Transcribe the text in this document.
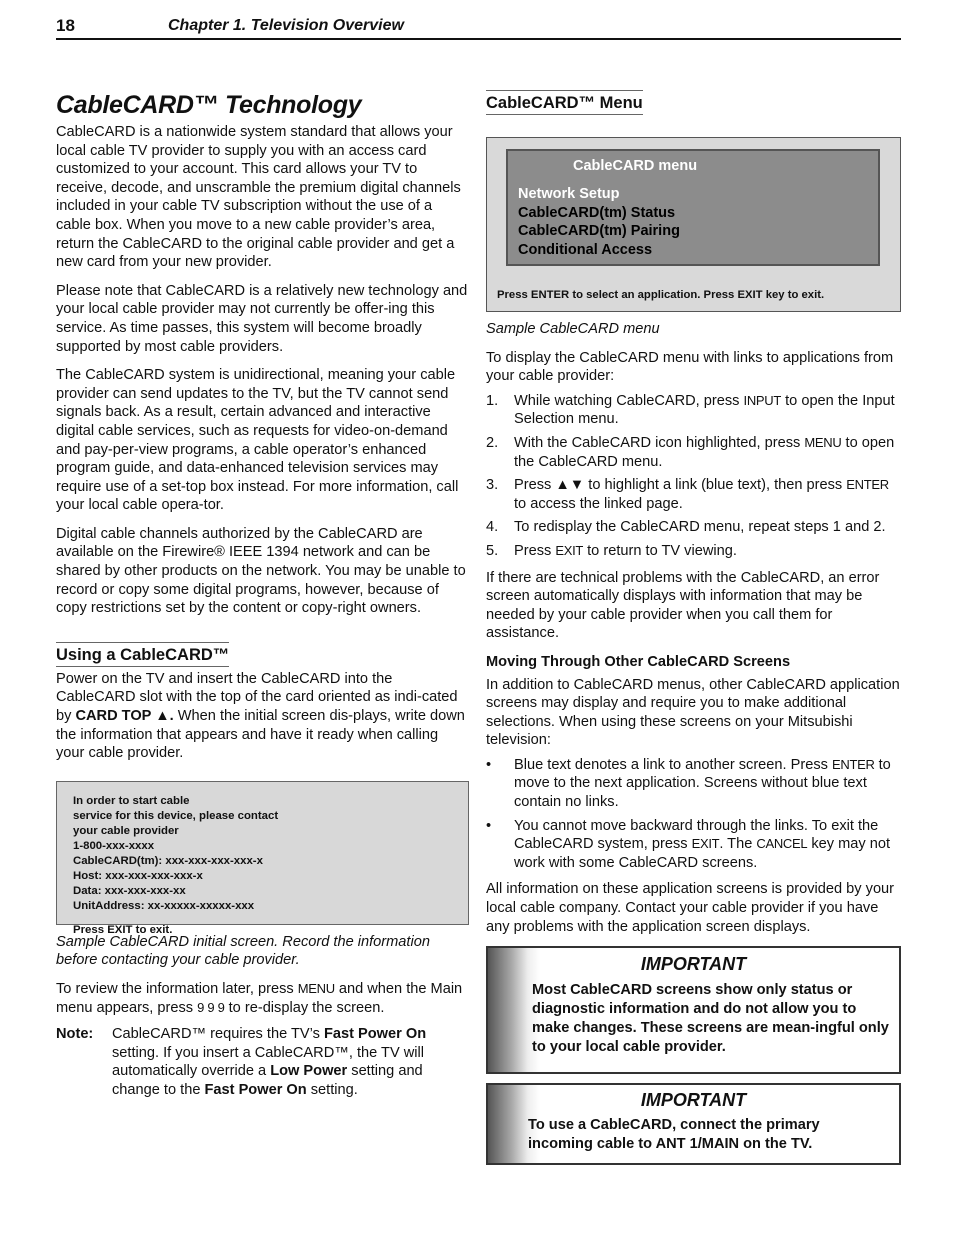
18	Chapter 1. Television Overview
CableCARD™ Technology

CableCARD is a nationwide system standard that allows your local cable TV provider to supply you with an access card customized to your account. This card allows your TV to receive, decode, and unscramble the premium digital channels included in your cable TV subscription without the use of a cable box. When you move to a new cable provider’s area, return the CableCARD to the original cable provider and get a new card from your new provider.

Please note that CableCARD is a relatively new technology and your local cable provider may not currently be offer-ing this service. As time passes, this system will become broadly supported by most cable providers.

The CableCARD system is unidirectional, meaning your cable provider can send updates to the TV, but the TV cannot send signals back. As a result, certain advanced and interactive digital cable services, such as requests for video-on-demand and pay-per-view programs, a cable operator’s enhanced program guide, and data-enhanced television services may require use of a set-top box instead. For more information, call your local cable opera-tor.

Digital cable channels authorized by the CableCARD are available on the Firewire® IEEE 1394 network and can be shared by other products on the network. You may be unable to record or copy some digital programs, however, because of copy restrictions set by the content or copy-right owners.

Using a CableCARD™

Power on the TV and insert the CableCARD into the CableCARD slot with the top of the card oriented as indi-cated by CARD TOP ▲. When the initial screen dis-plays, write down the information that appears and have it ready when calling your cable provider.

In order to start cable
service for this device, please contact
your cable provider
1-800-xxx-xxxx
CableCARD(tm): xxx-xxx-xxx-xxx-x
Host: xxx-xxx-xxx-xxx-x
Data: xxx-xxx-xxx-xx
UnitAddress: xx-xxxxx-xxxxx-xxx
Press EXIT to exit.

Sample CableCARD initial screen. Record the information before contacting your cable provider.

To review the information later, press MENU and when the Main menu appears, press 9 9 9 to re-display the screen.

Note:	CableCARD™ requires the TV’s Fast Power On setting. If you insert a CableCARD™, the TV will automatically override a Low Power setting and change to the Fast Power On setting.
CableCARD™ Menu
CableCARD menu
Network Setup
CableCARD(tm) Status
CableCARD(tm) Pairing
Conditional Access
Press ENTER to select an application. Press EXIT key to exit.

Sample CableCARD menu

To display the CableCARD menu with links to applications from your cable provider:

1.	While watching CableCARD, press INPUT to open the Input Selection menu.
2.	With the CableCARD icon highlighted, press MENU to open the CableCARD menu.
3.	Press ▲▼ to highlight a link (blue text), then press ENTER to access the linked page.
4.	To redisplay the CableCARD menu, repeat steps 1 and 2.
5.	Press EXIT to return to TV viewing.

If there are technical problems with the CableCARD, an error screen automatically displays with information that may be needed by your cable provider when you call them for assistance.

Moving Through Other CableCARD Screens

In addition to CableCARD menus, other CableCARD application screens may display and require you to make additional selections. When using these screens on your Mitsubishi television:

•	Blue text denotes a link to another screen. Press ENTER to move to the next application. Screens without blue text contain no links.
•	You cannot move backward through the links. To exit the CableCARD system, press EXIT. The CANCEL key may not work with some CableCARD screens.

All information on these application screens is provided by your local cable company. Contact your cable provider if you have any problems with the application screen displays.

IMPORTANT
Most CableCARD screens show only status or diagnostic information and do not allow you to make changes. These screens are mean-ingful only to your local cable provider.
IMPORTANT
To use a CableCARD, connect the primary incoming cable to ANT 1/MAIN on the TV.
